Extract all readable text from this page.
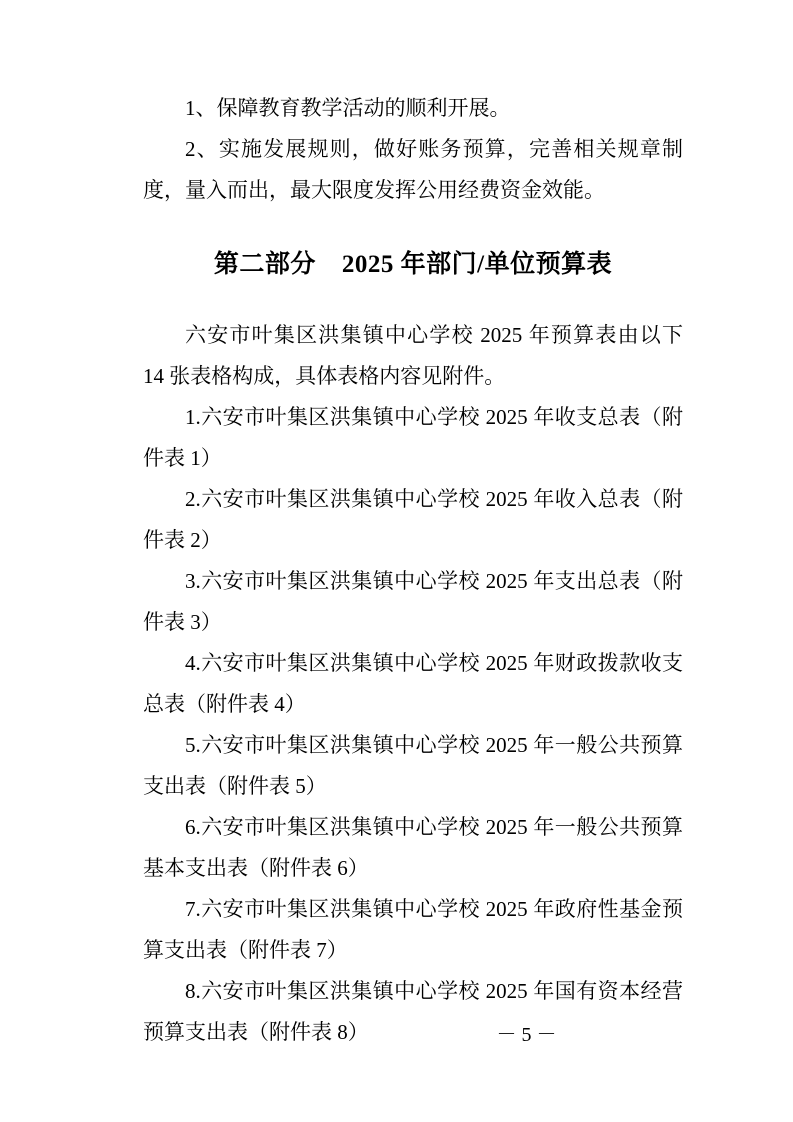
1、保障教育教学活动的顺利开展。

2、实施发展规则，做好账务预算，完善相关规章制度，量入而出，最大限度发挥公用经费资金效能。

第二部分 2025 年部门/单位预算表

六安市叶集区洪集镇中心学校 2025 年预算表由以下 14 张表格构成，具体表格内容见附件。

1.六安市叶集区洪集镇中心学校 2025 年收支总表（附件表 1）

2.六安市叶集区洪集镇中心学校 2025 年收入总表（附件表 2）

3.六安市叶集区洪集镇中心学校 2025 年支出总表（附件表 3）

4.六安市叶集区洪集镇中心学校 2025 年财政拨款收支总表（附件表 4）

5.六安市叶集区洪集镇中心学校 2025 年一般公共预算支出表（附件表 5）

6.六安市叶集区洪集镇中心学校 2025 年一般公共预算基本支出表（附件表 6）

7.六安市叶集区洪集镇中心学校 2025 年政府性基金预算支出表（附件表 7）

8.六安市叶集区洪集镇中心学校 2025 年国有资本经营预算支出表（附件表 8）	－ 5 －
